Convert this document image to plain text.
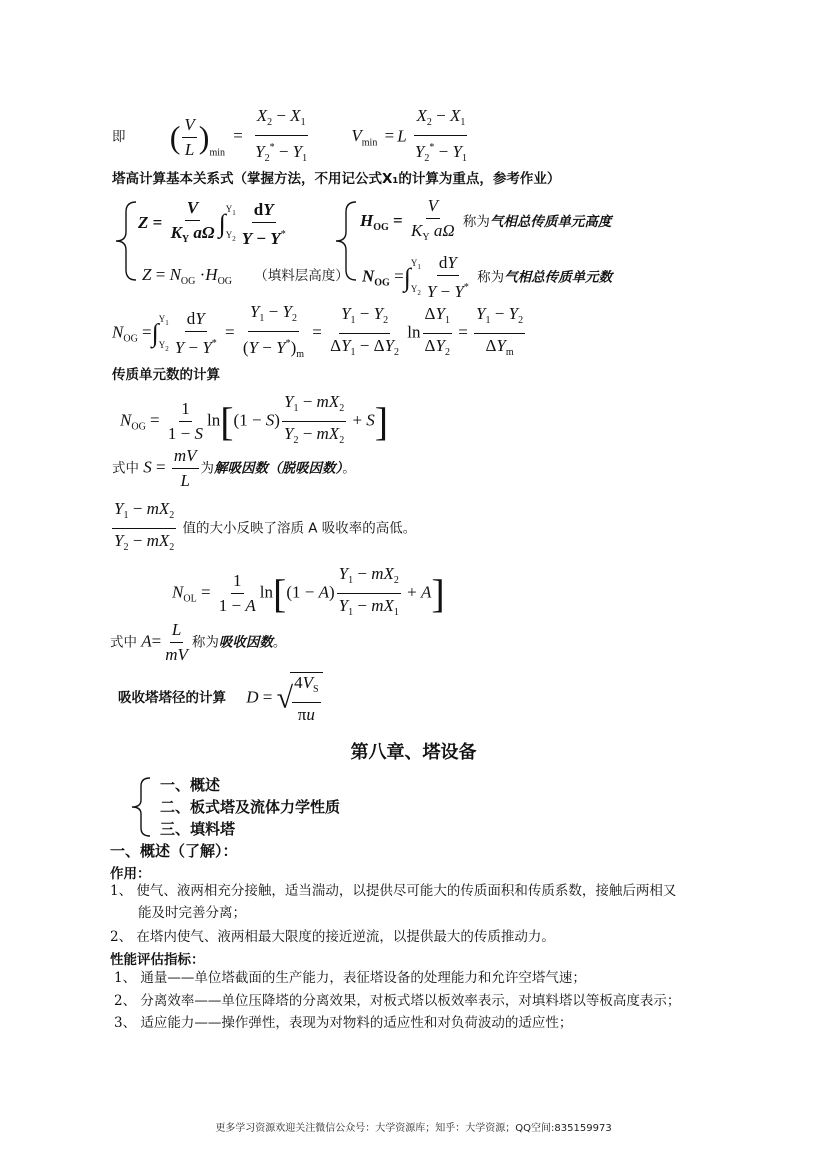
即 ( $\frac{V}{L} )_{min} = \frac{X_2 - X_1}{Y_2^* - Y_1} V_{min} = L \frac{X_2 - X_1}{Y_2^* - Y_1}$
塔高计算基本关系式（掌握方法，不用记公式X₁的计算为重点，参考作业）
$Z = \frac{V}{K_Y a\Omega}$ ∫ $Y_1$
$Y_2 \frac{dY}{Y - Y^*}$
$Z = N_{OG} \cdot H_{OG}$ （填料层高度）
$H_{OG} = \frac{V}{K_Y a\Omega}$ 称为气相总传质单元高度
$N_{OG}$ =∫ $Y_1$
$Y_2 \frac{dY}{Y - Y^*}$ 称为气相总传质单元数
$N_{OG}$ =∫ $Y_1$
$Y_2 \frac{dY}{Y - Y^*} = \frac{Y_1 - Y_2}{(Y - Y^*)_m} = \frac{Y_1 - Y_2}{\Delta Y_1 - \Delta Y_2}$ $\ln \frac{\Delta Y_1}{\Delta Y_2} = \frac{Y_1 - Y_2}{\Delta Y_m}$
传质单元数的计算
$N_{OG} = \frac{1}{1 - S} \ln[(1 - S) \frac{Y_1 - mX_2}{Y_2 - mX_2} + S]$
式中 $S = \frac{mV}{L}$ 为解吸因数（脱吸因数）。
$\frac{Y_1 - mX_2}{Y_2 - mX_2}$ 值的大小反映了溶质 A 吸收率的高低。
$N_{OL} = \frac{1}{1 - A} \ln[(1 - A) \frac{Y_1 - mX_2}{Y_1 - mX_1} + A]$
式中 $A= \frac{L}{mV}$ 称为吸收因数。
吸收塔塔径的计算 D = √ $\frac{4V_S}{\pi u}$
第八章、塔设备
一、概述
二、板式塔及流体力学性质
三、填料塔
一、概述（了解）：
作用：
1、 使气、液两相充分接触，适当湍动，以提供尽可能大的传质面积和传质系数，接触后两相又
能及时完善分离；
2、 在塔内使气、液两相最大限度的接近逆流，以提供最大的传质推动力。
性能评估指标：
1、 通量——单位塔截面的生产能力，表征塔设备的处理能力和允许空塔气速；
2、 分离效率——单位压降塔的分离效果，对板式塔以板效率表示，对填料塔以等板高度表示；
3、 适应能力——操作弹性，表现为对物料的适应性和对负荷波动的适应性；
更多学习资源欢迎关注微信公众号：大学资源库；知乎：大学资源；QQ空间:835159973
